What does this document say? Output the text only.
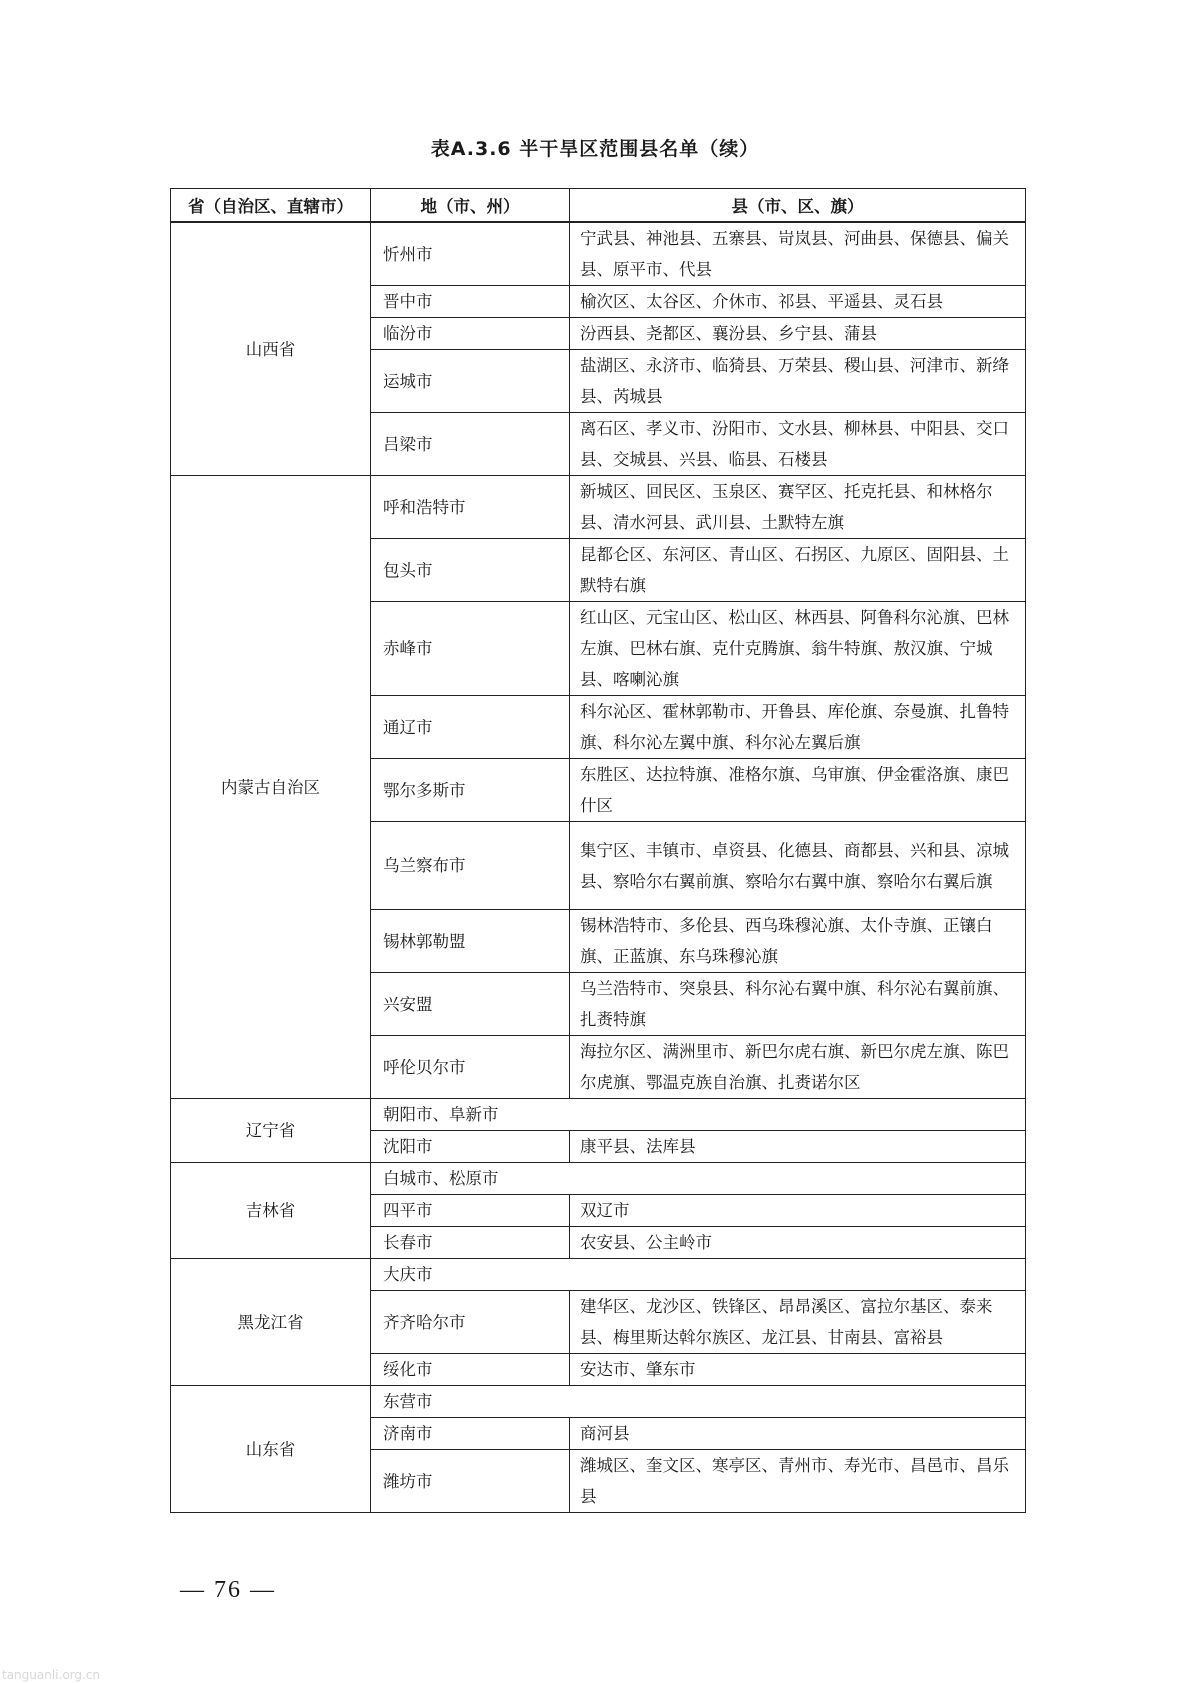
表A.3.6 半干旱区范围县名单（续）
省（自治区、直辖市）	地（市、州）	县（市、区、旗）
山西省	忻州市	宁武县、神池县、五寨县、岢岚县、河曲县、保德县、偏关县、原平市、代县
	晋中市	榆次区、太谷区、介休市、祁县、平遥县、灵石县
	临汾市	汾西县、尧都区、襄汾县、乡宁县、蒲县
	运城市	盐湖区、永济市、临猗县、万荣县、稷山县、河津市、新绛县、芮城县
	吕梁市	离石区、孝义市、汾阳市、文水县、柳林县、中阳县、交口县、交城县、兴县、临县、石楼县
内蒙古自治区	呼和浩特市	新城区、回民区、玉泉区、赛罕区、托克托县、和林格尔县、清水河县、武川县、土默特左旗
	包头市	昆都仑区、东河区、青山区、石拐区、九原区、固阳县、土默特右旗
	赤峰市	红山区、元宝山区、松山区、林西县、阿鲁科尔沁旗、巴林左旗、巴林右旗、克什克腾旗、翁牛特旗、敖汉旗、宁城县、喀喇沁旗
	通辽市	科尔沁区、霍林郭勒市、开鲁县、库伦旗、奈曼旗、扎鲁特旗、科尔沁左翼中旗、科尔沁左翼后旗
	鄂尔多斯市	东胜区、达拉特旗、准格尔旗、乌审旗、伊金霍洛旗、康巴什区
	乌兰察布市	集宁区、丰镇市、卓资县、化德县、商都县、兴和县、凉城县、察哈尔右翼前旗、察哈尔右翼中旗、察哈尔右翼后旗
	锡林郭勒盟	锡林浩特市、多伦县、西乌珠穆沁旗、太仆寺旗、正镶白旗、正蓝旗、东乌珠穆沁旗
	兴安盟	乌兰浩特市、突泉县、科尔沁右翼中旗、科尔沁右翼前旗、扎赉特旗
	呼伦贝尔市	海拉尔区、满洲里市、新巴尔虎右旗、新巴尔虎左旗、陈巴尔虎旗、鄂温克族自治旗、扎赉诺尔区
辽宁省	朝阳市、阜新市	
	沈阳市	康平县、法库县
吉林省	白城市、松原市	
	四平市	双辽市
	长春市	农安县、公主岭市
黑龙江省	大庆市	
	齐齐哈尔市	建华区、龙沙区、铁锋区、昂昂溪区、富拉尔基区、泰来县、梅里斯达斡尔族区、龙江县、甘南县、富裕县
	绥化市	安达市、肇东市
山东省	东营市	
	济南市	商河县
	潍坊市	潍城区、奎文区、寒亭区、青州市、寿光市、昌邑市、昌乐县
— 76 —
tanguanli.org.cn
